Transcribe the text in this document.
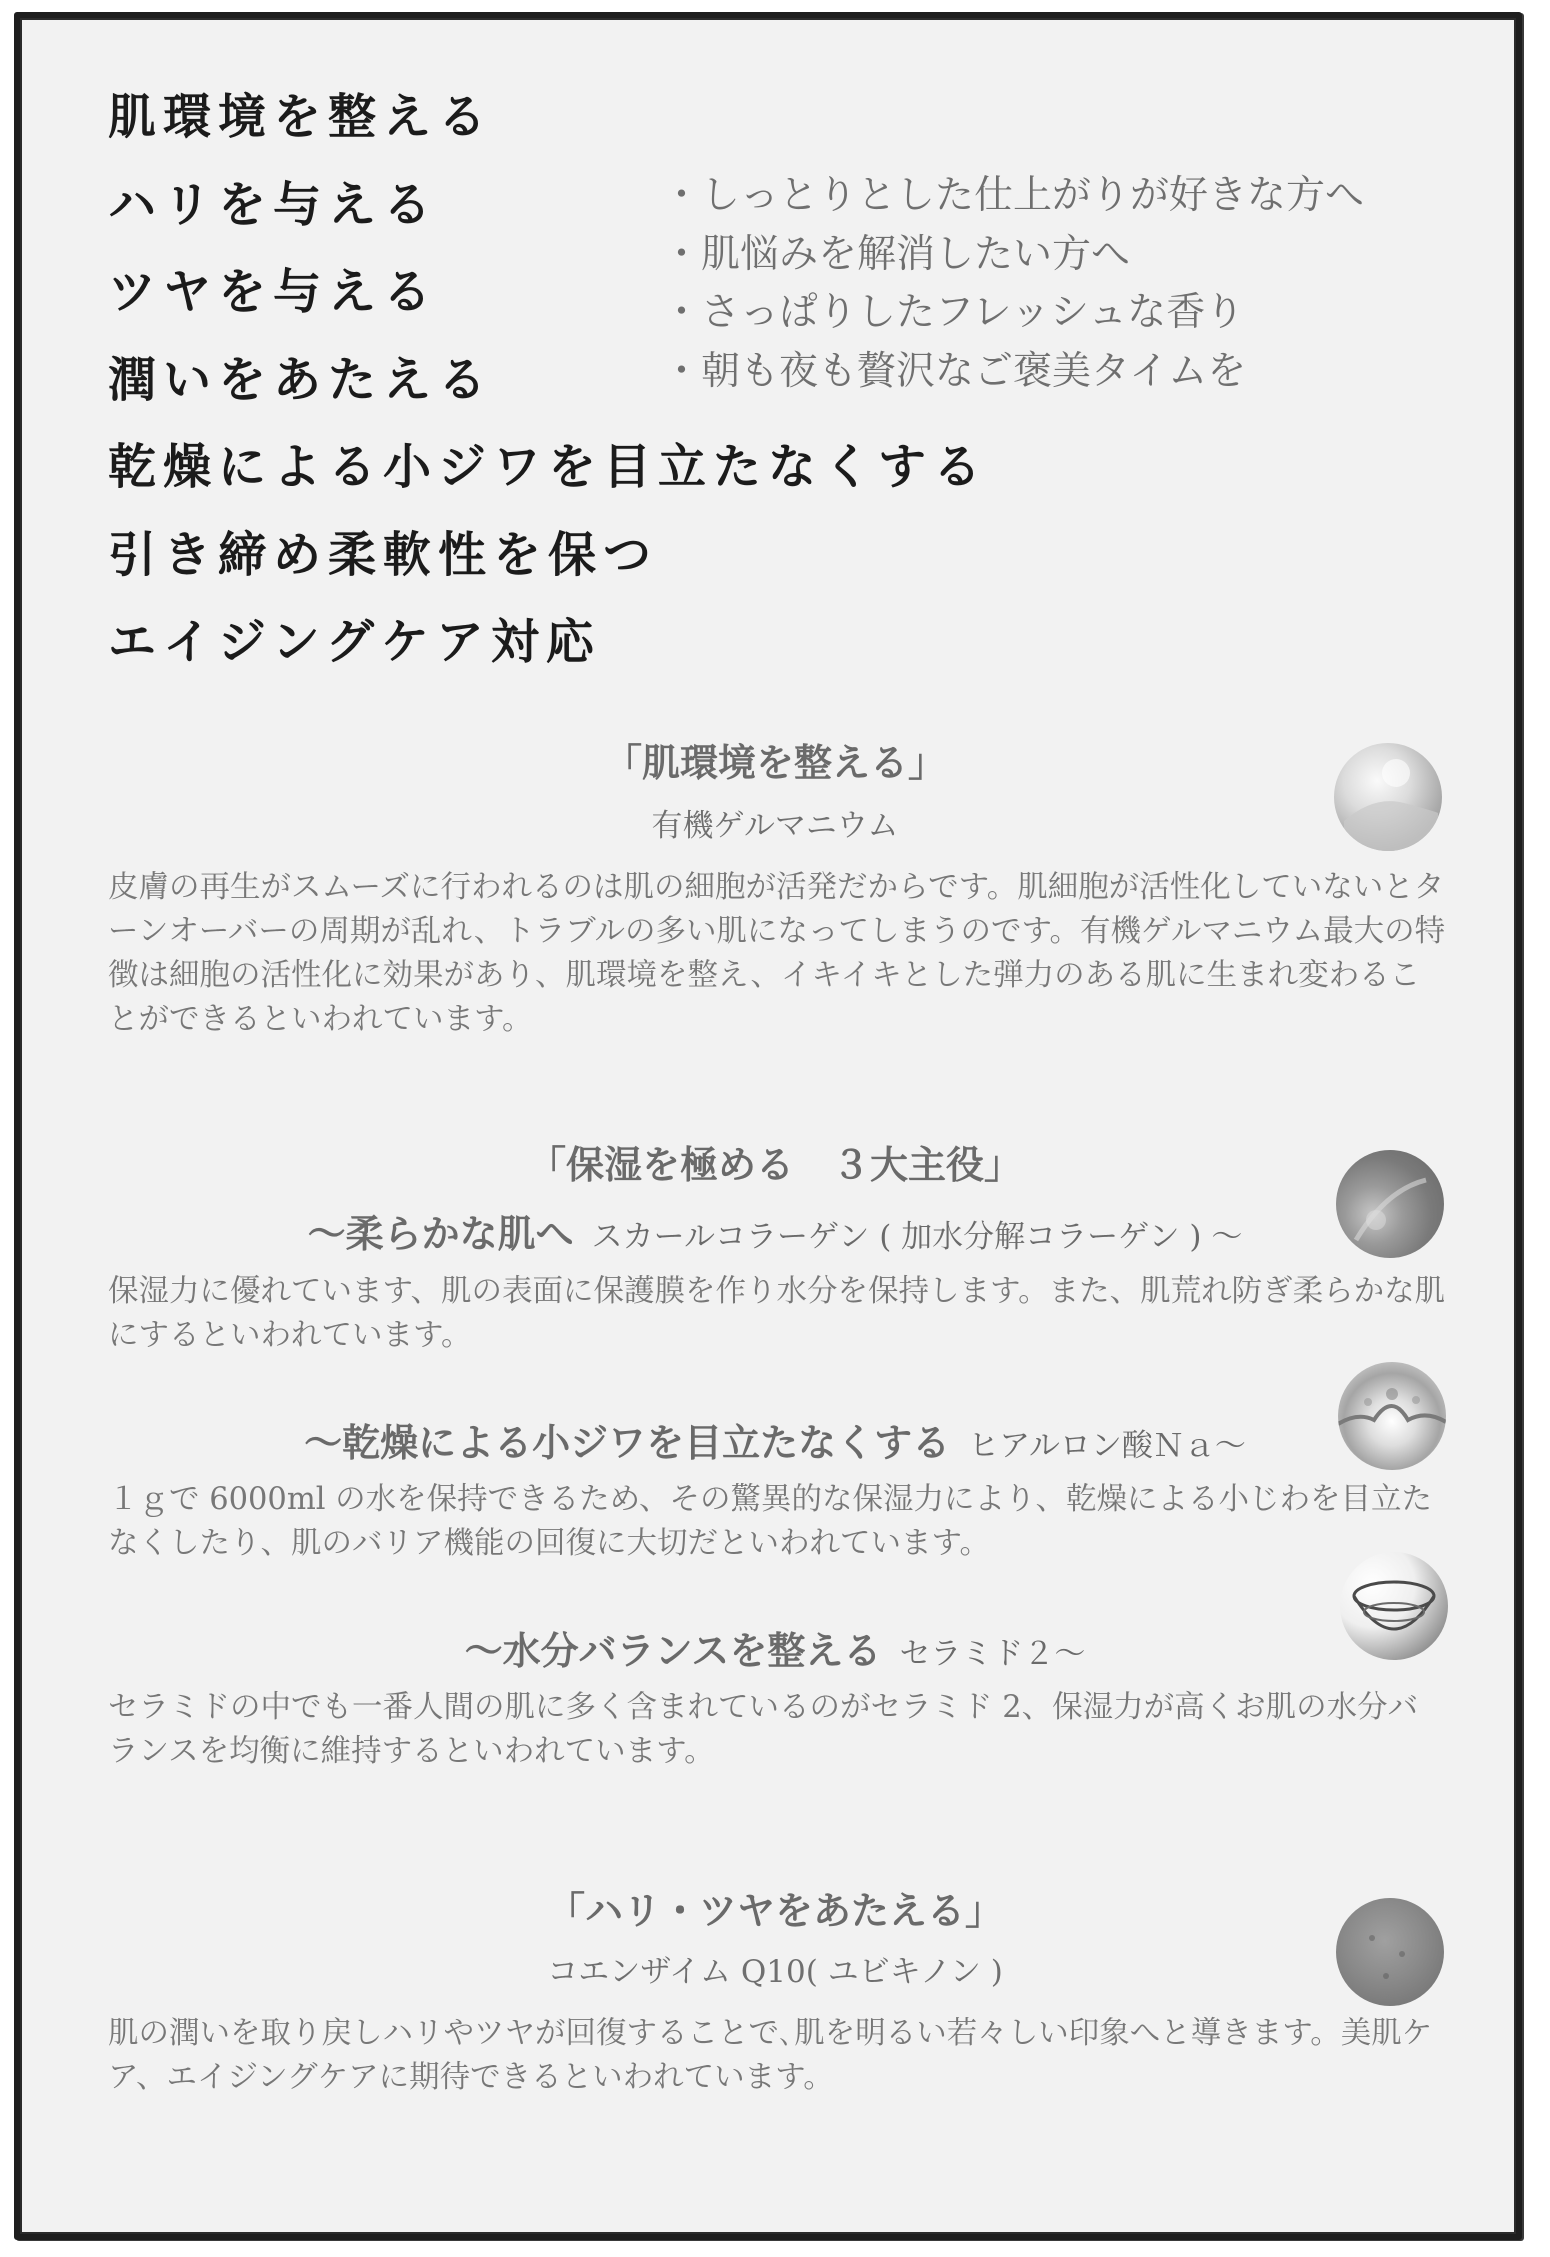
肌環境を整える
ハリを与える
ツヤを与える
潤いをあたえる
乾燥による小ジワを目立たなくする
引き締め柔軟性を保つ
エイジングケア対応
・しっとりとした仕上がりが好きな方へ
・肌悩みを解消したい方へ
・さっぱりしたフレッシュな香り
・朝も夜も贅沢なご褒美タイムを
「肌環境を整える」
有機ゲルマニウム
皮膚の再生がスムーズに行われるのは肌の細胞が活発だからです。肌細胞が活性化していないとターンオーバーの周期が乱れ、トラブルの多い肌になってしまうのです。有機ゲルマニウム最大の特徴は細胞の活性化に効果があり、肌環境を整え、イキイキとした弾力のある肌に生まれ変わることができるといわれています。
「保湿を極める　３大主役」
〜柔らかな肌へ スカールコラーゲン ( 加水分解コラーゲン ) 〜
保湿力に優れています、肌の表面に保護膜を作り水分を保持します。また、肌荒れ防ぎ柔らかな肌にするといわれています。
〜乾燥による小ジワを目立たなくする ヒアルロン酸Ｎａ〜
１ｇで 6000ml の水を保持できるため、その驚異的な保湿力により、乾燥による小じわを目立たなくしたり、肌のバリア機能の回復に大切だといわれています。
〜水分バランスを整える セラミド２〜
セラミドの中でも一番人間の肌に多く含まれているのがセラミド 2、保湿力が高くお肌の水分バランスを均衡に維持するといわれています。
「ハリ・ツヤをあたえる」
コエンザイム Q10( ユビキノン )
肌の潤いを取り戻しハリやツヤが回復することで､肌を明るい若々しい印象へと導きます。美肌ケア、エイジングケアに期待できるといわれています。
